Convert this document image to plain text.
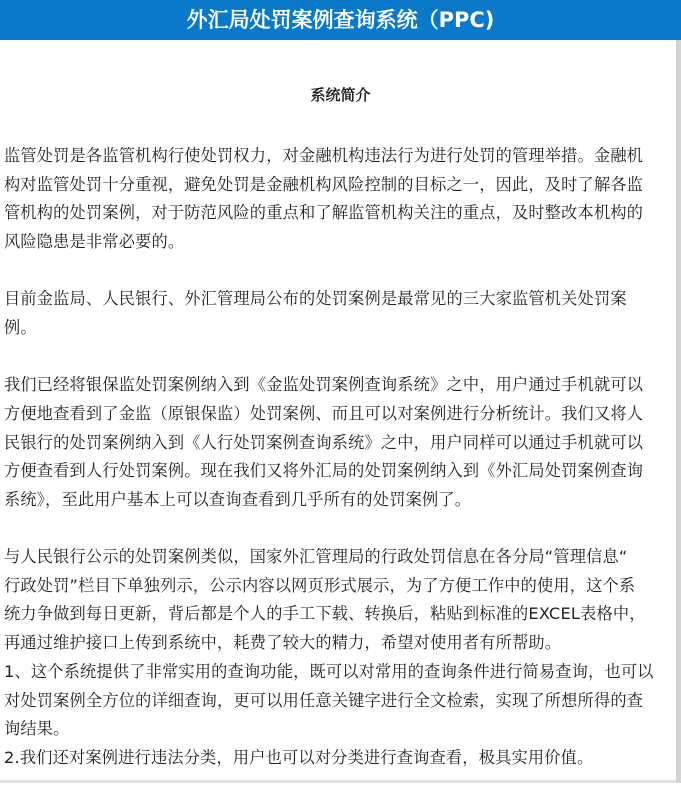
外汇局处罚案例查询系统（PPC)
系统简介
监管处罚是各监管机构行使处罚权力，对金融机构违法行为进行处罚的管理举措。金融机
构对监管处罚十分重视，避免处罚是金融机构风险控制的目标之一，因此，及时了解各监
管机构的处罚案例，对于防范风险的重点和了解监管机构关注的重点，及时整改本机构的
风险隐患是非常必要的。
目前金监局、人民银行、外汇管理局公布的处罚案例是最常见的三大家监管机关处罚案
例。
我们已经将银保监处罚案例纳入到《金监处罚案例查询系统》之中，用户通过手机就可以
方便地查看到了金监（原银保监）处罚案例、而且可以对案例进行分析统计。我们又将人
民银行的处罚案例纳入到《人行处罚案例查询系统》之中，用户同样可以通过手机就可以
方便查看到人行处罚案例。现在我们又将外汇局的处罚案例纳入到《外汇局处罚案例查询
系统》，至此用户基本上可以查询查看到几乎所有的处罚案例了。
与人民银行公示的处罚案例类似，国家外汇管理局的行政处罚信息在各分局“管理信息“
行政处罚”栏目下单独列示，公示内容以网页形式展示，为了方便工作中的使用，这个系
统力争做到每日更新，背后都是个人的手工下载、转换后，粘贴到标准的EXCEL表格中，
再通过维护接口上传到系统中，耗费了较大的精力，希望对使用者有所帮助。
1、这个系统提供了非常实用的查询功能，既可以对常用的查询条件进行简易查询，也可以
对处罚案例全方位的详细查询，更可以用任意关键字进行全文检索，实现了所想所得的查
询结果。
2.我们还对案例进行违法分类，用户也可以对分类进行查询查看，极具实用价值。
